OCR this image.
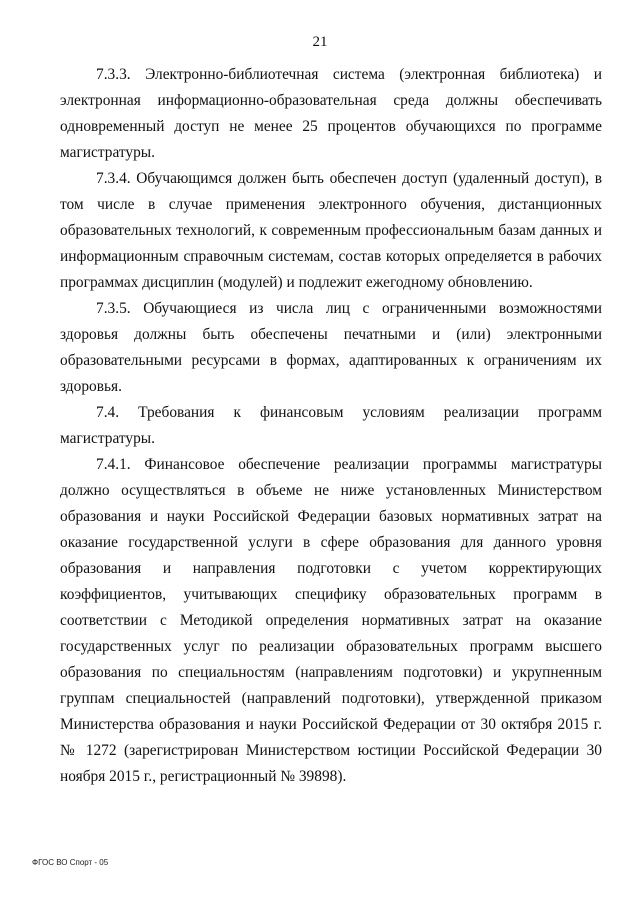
21

7.3.3. Электронно-библиотечная система (электронная библиотека) и электронная информационно-образовательная среда должны обеспечивать одновременный доступ не менее 25 процентов обучающихся по программе магистратуры.

7.3.4. Обучающимся должен быть обеспечен доступ (удаленный доступ), в том числе в случае применения электронного обучения, дистанционных образовательных технологий, к современным профессиональным базам данных и информационным справочным системам, состав которых определяется в рабочих программах дисциплин (модулей) и подлежит ежегодному обновлению.

7.3.5. Обучающиеся из числа лиц с ограниченными возможностями здоровья должны быть обеспечены печатными и (или) электронными образовательными ресурсами в формах, адаптированных к ограничениям их здоровья.

7.4. Требования к финансовым условиям реализации программ магистратуры.

7.4.1. Финансовое обеспечение реализации программы магистратуры должно осуществляться в объеме не ниже установленных Министерством образования и науки Российской Федерации базовых нормативных затрат на оказание государственной услуги в сфере образования для данного уровня образования и направления подготовки с учетом корректирующих коэффициентов, учитывающих специфику образовательных программ в соответствии с Методикой определения нормативных затрат на оказание государственных услуг по реализации образовательных программ высшего образования по специальностям (направлениям подготовки) и укрупненным группам специальностей (направлений подготовки), утвержденной приказом Министерства образования и науки Российской Федерации от 30 октября 2015 г. № 1272 (зарегистрирован Министерством юстиции Российской Федерации 30 ноября 2015 г., регистрационный № 39898).

ФГОС ВО Спорт - 05
